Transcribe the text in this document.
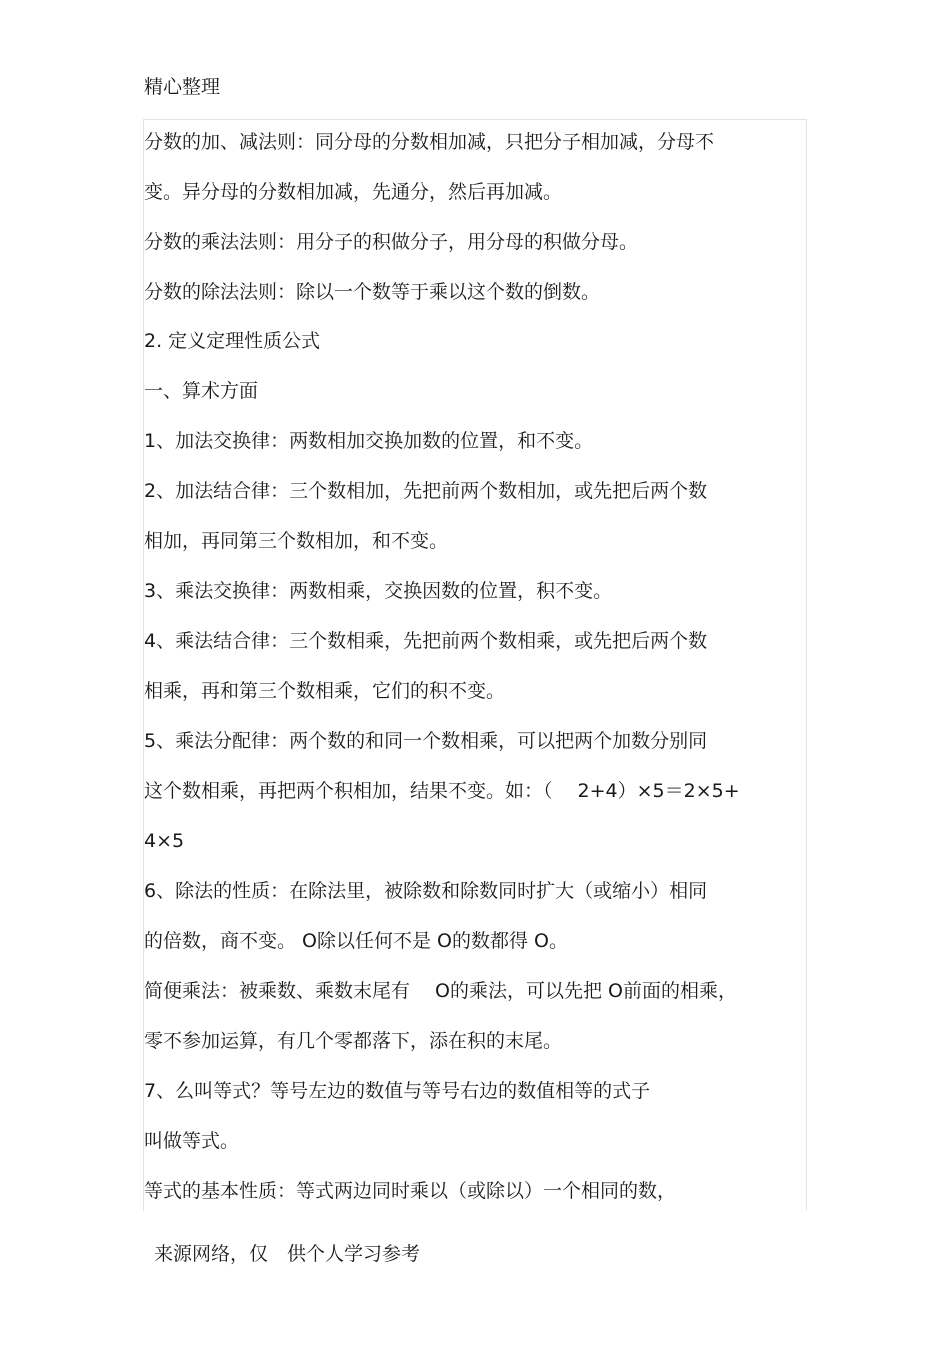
精心整理
分数的加、减法则：同分母的分数相加减，只把分子相加减，分母不
变。异分母的分数相加减，先通分，然后再加减。
分数的乘法法则：用分子的积做分子，用分母的积做分母。
分数的除法法则：除以一个数等于乘以这个数的倒数。
2. 定义定理性质公式
一、算术方面
1、加法交换律：两数相加交换加数的位置，和不变。
2、加法结合律：三个数相加，先把前两个数相加，或先把后两个数
相加，再同第三个数相加，和不变。
3、乘法交换律：两数相乘，交换因数的位置，积不变。
4、乘法结合律：三个数相乘，先把前两个数相乘，或先把后两个数
相乘，再和第三个数相乘，它们的积不变。
5、乘法分配律：两个数的和同一个数相乘，可以把两个加数分别同
这个数相乘，再把两个积相加，结果不变。如：（　 2+4）×5＝2×5+
4×5
6、除法的性质：在除法里，被除数和除数同时扩大（或缩小）相同
的倍数，商不变。 O除以任何不是 O的数都得 O。
简便乘法：被乘数、乘数末尾有　 O的乘法，可以先把 O前面的相乘，
零不参加运算，有几个零都落下，添在积的末尾。
7、么叫等式？等号左边的数值与等号右边的数值相等的式子
叫做等式。
等式的基本性质：等式两边同时乘以（或除以）一个相同的数，
来源网络，仅　供个人学习参考
